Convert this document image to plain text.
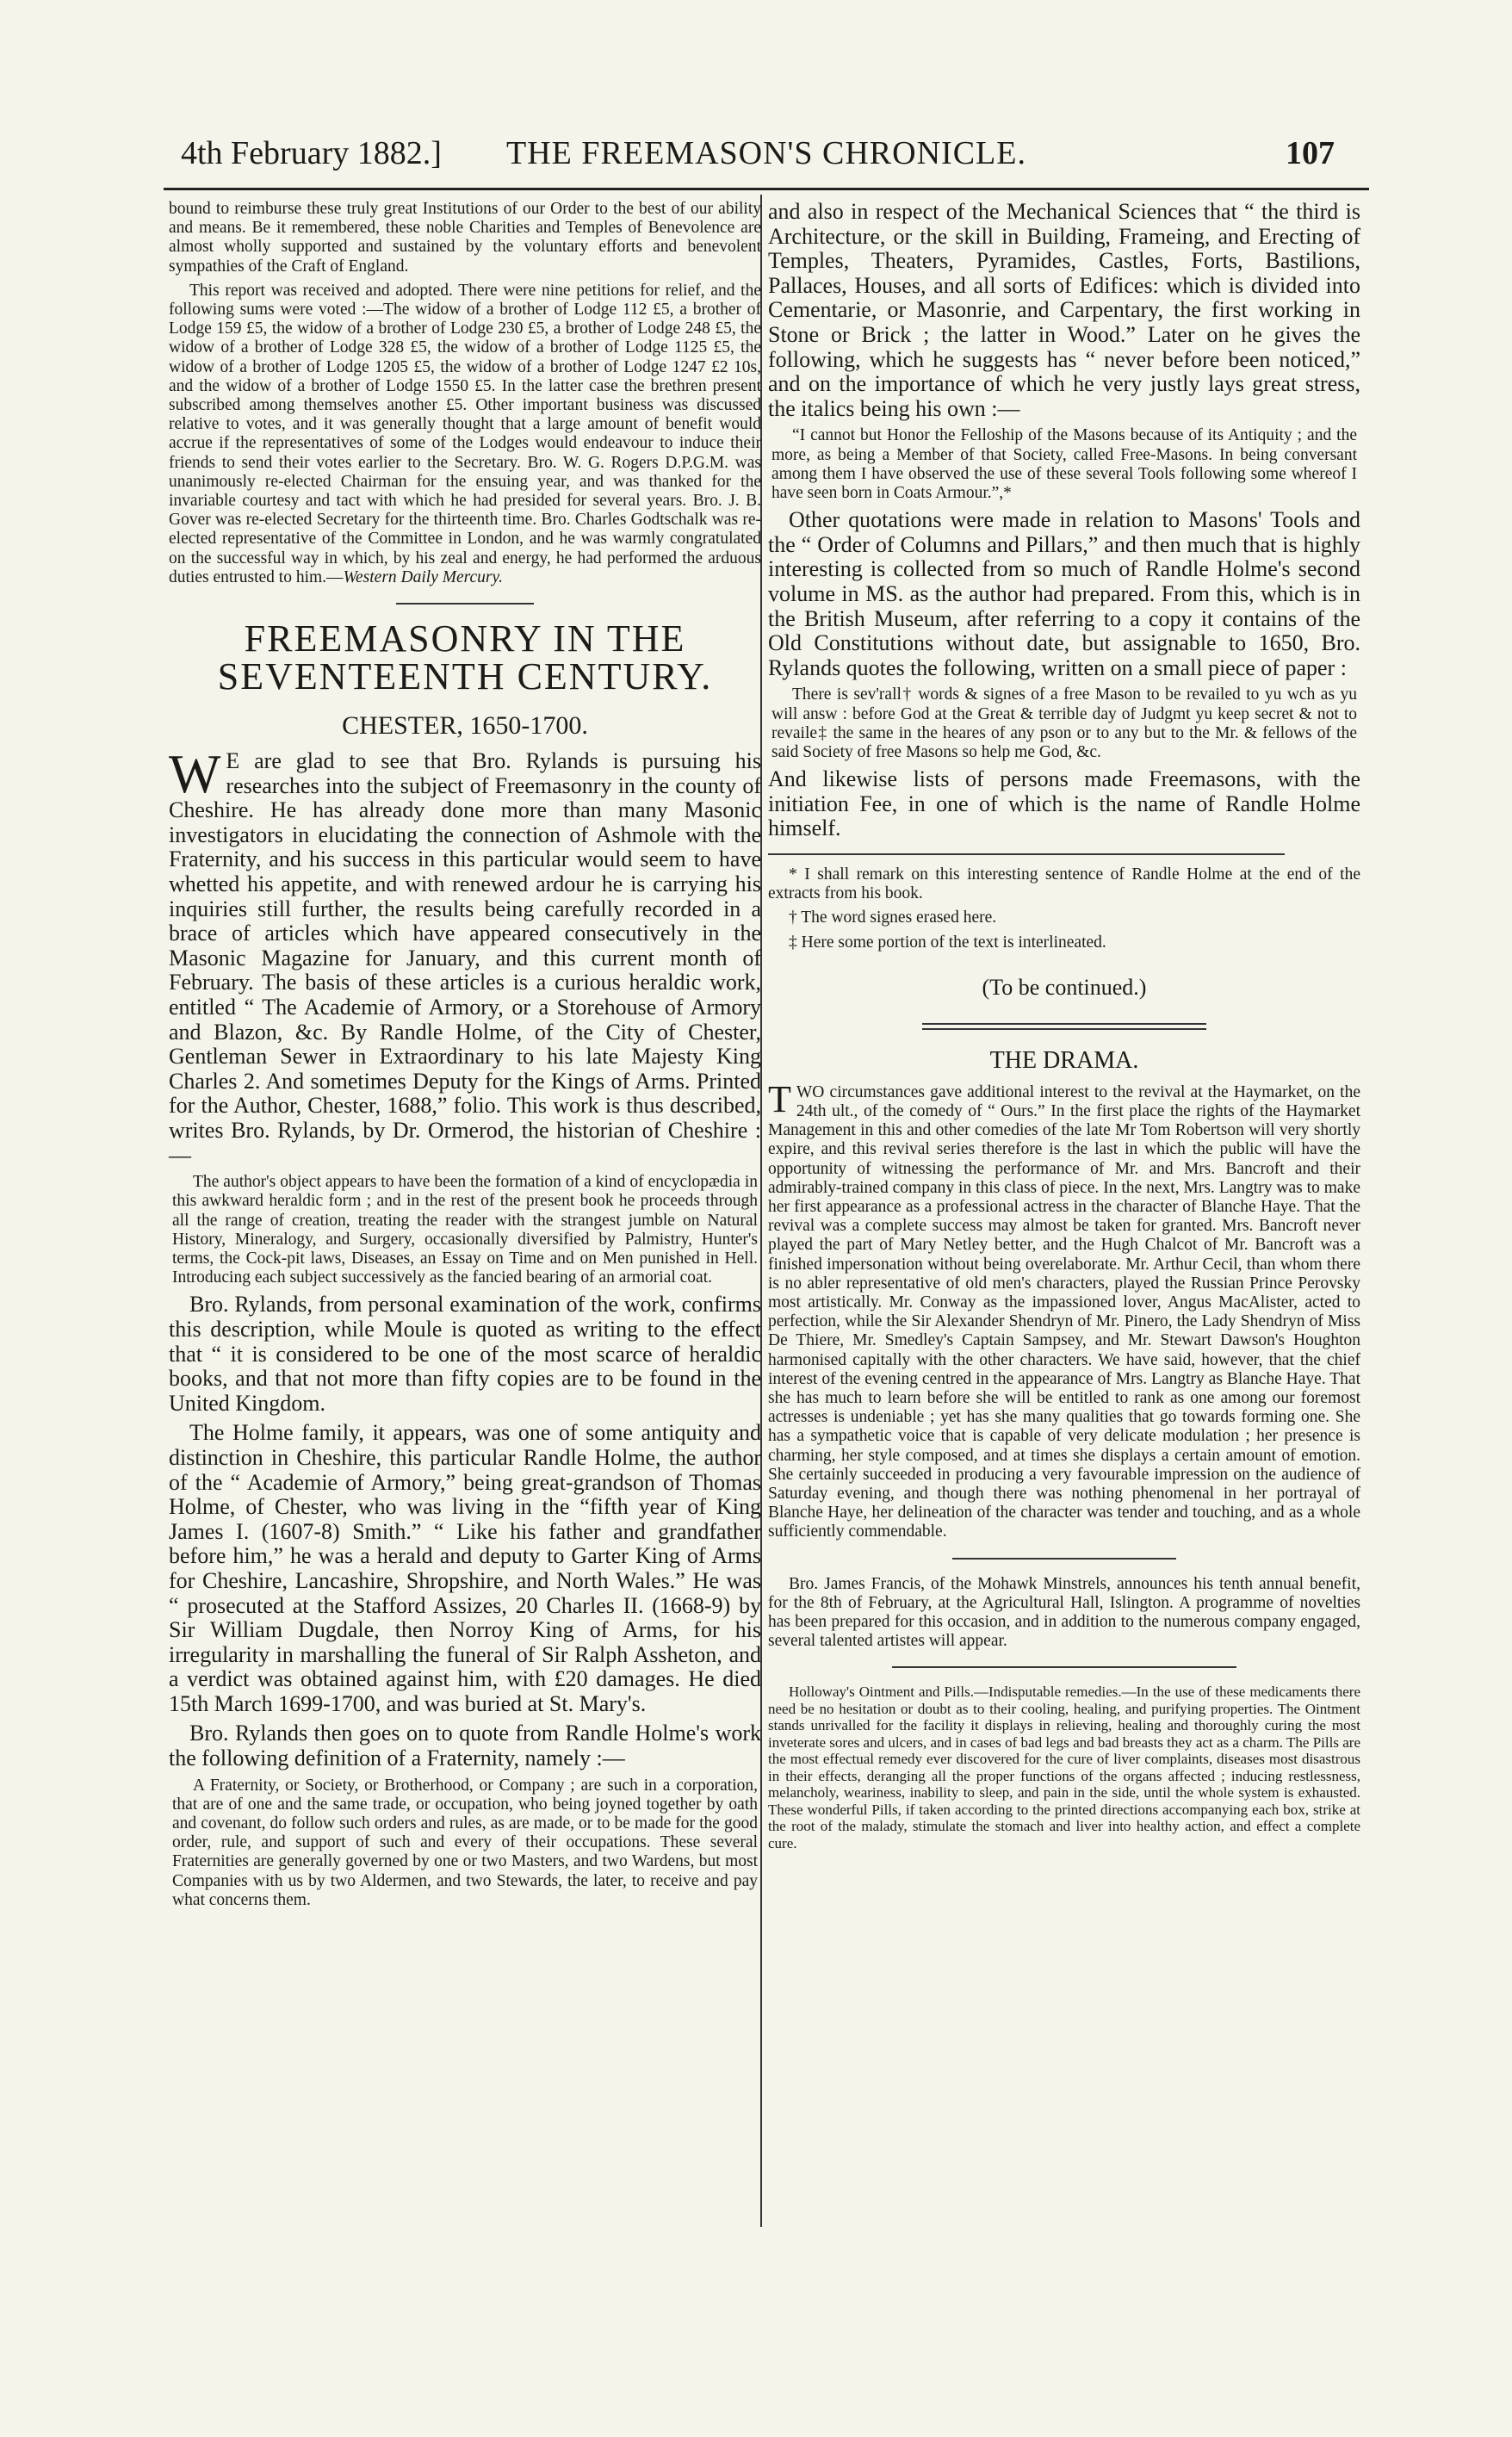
4th February 1882.]	THE FREEMASON'S CHRONICLE.	107

bound to reimburse these truly great Institutions of our Order to the best of our ability and means. Be it remembered, these noble Charities and Temples of Benevolence are almost wholly supported and sustained by the voluntary efforts and benevolent sympathies of the Craft of England.

This report was received and adopted. There were nine petitions for relief, and the following sums were voted :—The widow of a brother of Lodge 112 £5, a brother of Lodge 159 £5, the widow of a brother of Lodge 230 £5, a brother of Lodge 248 £5, the widow of a brother of Lodge 328 £5, the widow of a brother of Lodge 1125 £5, the widow of a brother of Lodge 1205 £5, the widow of a brother of Lodge 1247 £2 10s, and the widow of a brother of Lodge 1550 £5. In the latter case the brethren present subscribed among themselves another £5. Other important business was discussed relative to votes, and it was generally thought that a large amount of benefit would accrue if the representatives of some of the Lodges would endeavour to induce their friends to send their votes earlier to the Secretary. Bro. W. G. Rogers D.P.G.M. was unanimously re-elected Chairman for the ensuing year, and was thanked for the invariable courtesy and tact with which he had presided for several years. Bro. J. B. Gover was re-elected Secretary for the thirteenth time. Bro. Charles Godtschalk was re-elected representative of the Committee in London, and he was warmly congratulated on the successful way in which, by his zeal and energy, he had performed the arduous duties entrusted to him.—Western Daily Mercury.

FREEMASONRY IN THE SEVENTEENTH CENTURY.
CHESTER, 1650-1700.

W E are glad to see that Bro. Rylands is pursuing his researches into the subject of Freemasonry in the county of Cheshire. He has already done more than many Masonic investigators in elucidating the connection of Ashmole with the Fraternity, and his success in this particular would seem to have whetted his appetite, and with renewed ardour he is carrying his inquiries still further, the results being carefully recorded in a brace of articles which have appeared consecutively in the Masonic Magazine for January, and this current month of February. The basis of these articles is a curious heraldic work, entitled “ The Academie of Armory, or a Storehouse of Armory and Blazon, &c. By Randle Holme, of the City of Chester, Gentleman Sewer in Extraordinary to his late Majesty King Charles 2. And sometimes Deputy for the Kings of Arms. Printed for the Author, Chester, 1688,” folio. This work is thus described, writes Bro. Rylands, by Dr. Ormerod, the historian of Cheshire :—

The author's object appears to have been the formation of a kind of encyclopædia in this awkward heraldic form ; and in the rest of the present book he proceeds through all the range of creation, treating the reader with the strangest jumble on Natural History, Mineralogy, and Surgery, occasionally diversified by Palmistry, Hunter's terms, the Cock-pit laws, Diseases, an Essay on Time and on Men punished in Hell. Introducing each subject successively as the fancied bearing of an armorial coat.

Bro. Rylands, from personal examination of the work, confirms this description, while Moule is quoted as writing to the effect that “ it is considered to be one of the most scarce of heraldic books, and that not more than fifty copies are to be found in the United Kingdom.

The Holme family, it appears, was one of some antiquity and distinction in Cheshire, this particular Randle Holme, the author of the “ Academie of Armory,” being great-grandson of Thomas Holme, of Chester, who was living in the “fifth year of King James I. (1607-8) Smith.” “ Like his father and grandfather before him,” he was a herald and deputy to Garter King of Arms for Cheshire, Lancashire, Shropshire, and North Wales.” He was “ prosecuted at the Stafford Assizes, 20 Charles II. (1668-9) by Sir William Dugdale, then Norroy King of Arms, for his irregularity in marshalling the funeral of Sir Ralph Assheton, and a verdict was obtained against him, with £20 damages. He died 15th March 1699-1700, and was buried at St. Mary's.

Bro. Rylands then goes on to quote from Randle Holme's work the following definition of a Fraternity, namely :—

A Fraternity, or Society, or Brotherhood, or Company ; are such in a corporation, that are of one and the same trade, or occupation, who being joyned together by oath and covenant, do follow such orders and rules, as are made, or to be made for the good order, rule, and support of such and every of their occupations. These several Fraternities are generally governed by one or two Masters, and two Wardens, but most Companies with us by two Aldermen, and two Stewards, the later, to receive and pay what concerns them.

and also in respect of the Mechanical Sciences that “ the third is Architecture, or the skill in Building, Frameing, and Erecting of Temples, Theaters, Pyramides, Castles, Forts, Bastilions, Pallaces, Houses, and all sorts of Edifices: which is divided into Cementarie, or Masonrie, and Carpentary, the first working in Stone or Brick ; the latter in Wood.” Later on he gives the following, which he suggests has “ never before been noticed,” and on the importance of which he very justly lays great stress, the italics being his own :—

“I cannot but Honor the Felloship of the Masons because of its Antiquity ; and the more, as being a Member of that Society, called Free-Masons. In being conversant among them I have observed the use of these several Tools following some whereof I have seen born in Coats Armour.”,*

Other quotations were made in relation to Masons' Tools and the “ Order of Columns and Pillars,” and then much that is highly interesting is collected from so much of Randle Holme's second volume in MS. as the author had prepared. From this, which is in the British Museum, after referring to a copy it contains of the Old Constitutions without date, but assignable to 1650, Bro. Rylands quotes the following, written on a small piece of paper :

There is sev'rall† words & signes of a free Mason to be revailed to yu wch as yu will answ : before God at the Great & terrible day of Judgmt yu keep secret & not to revaile‡ the same in the heares of any pson or to any but to the Mr. & fellows of the said Society of free Masons so help me God, &c.

And likewise lists of persons made Freemasons, with the initiation Fee, in one of which is the name of Randle Holme himself.

* I shall remark on this interesting sentence of Randle Holme at the end of the extracts from his book.

† The word signes erased here.

‡ Here some portion of the text is interlineated.

(To be continued.)
THE DRAMA.

TWO circumstances gave additional interest to the revival at the Haymarket, on the 24th ult., of the comedy of “ Ours.” In the first place the rights of the Haymarket Management in this and other comedies of the late Mr Tom Robertson will very shortly expire, and this revival series therefore is the last in which the public will have the opportunity of witnessing the performance of Mr. and Mrs. Bancroft and their admirably-trained company in this class of piece. In the next, Mrs. Langtry was to make her first appearance as a professional actress in the character of Blanche Haye. That the revival was a complete success may almost be taken for granted. Mrs. Bancroft never played the part of Mary Netley better, and the Hugh Chalcot of Mr. Bancroft was a finished impersonation without being overelaborate. Mr. Arthur Cecil, than whom there is no abler representative of old men's characters, played the Russian Prince Perovsky most artistically. Mr. Conway as the impassioned lover, Angus MacAlister, acted to perfection, while the Sir Alexander Shendryn of Mr. Pinero, the Lady Shendryn of Miss De Thiere, Mr. Smedley's Captain Sampsey, and Mr. Stewart Dawson's Houghton harmonised capitally with the other characters. We have said, however, that the chief interest of the evening centred in the appearance of Mrs. Langtry as Blanche Haye. That she has much to learn before she will be entitled to rank as one among our foremost actresses is undeniable ; yet has she many qualities that go towards forming one. She has a sympathetic voice that is capable of very delicate modulation ; her presence is charming, her style composed, and at times she displays a certain amount of emotion. She certainly succeeded in producing a very favourable impression on the audience of Saturday evening, and though there was nothing phenomenal in her portrayal of Blanche Haye, her delineation of the character was tender and touching, and as a whole sufficiently commendable.

Bro. James Francis, of the Mohawk Minstrels, announces his tenth annual benefit, for the 8th of February, at the Agricultural Hall, Islington. A programme of novelties has been prepared for this occasion, and in addition to the numerous company engaged, several talented artistes will appear.

Holloway's Ointment and Pills.—Indisputable remedies.—In the use of these medicaments there need be no hesitation or doubt as to their cooling, healing, and purifying properties. The Ointment stands unrivalled for the facility it displays in relieving, healing and thoroughly curing the most inveterate sores and ulcers, and in cases of bad legs and bad breasts they act as a charm. The Pills are the most effectual remedy ever discovered for the cure of liver complaints, diseases most disastrous in their effects, deranging all the proper functions of the organs affected ; inducing restlessness, melancholy, weariness, inability to sleep, and pain in the side, until the whole system is exhausted. These wonderful Pills, if taken according to the printed directions accompanying each box, strike at the root of the malady, stimulate the stomach and liver into healthy action, and effect a complete cure.
